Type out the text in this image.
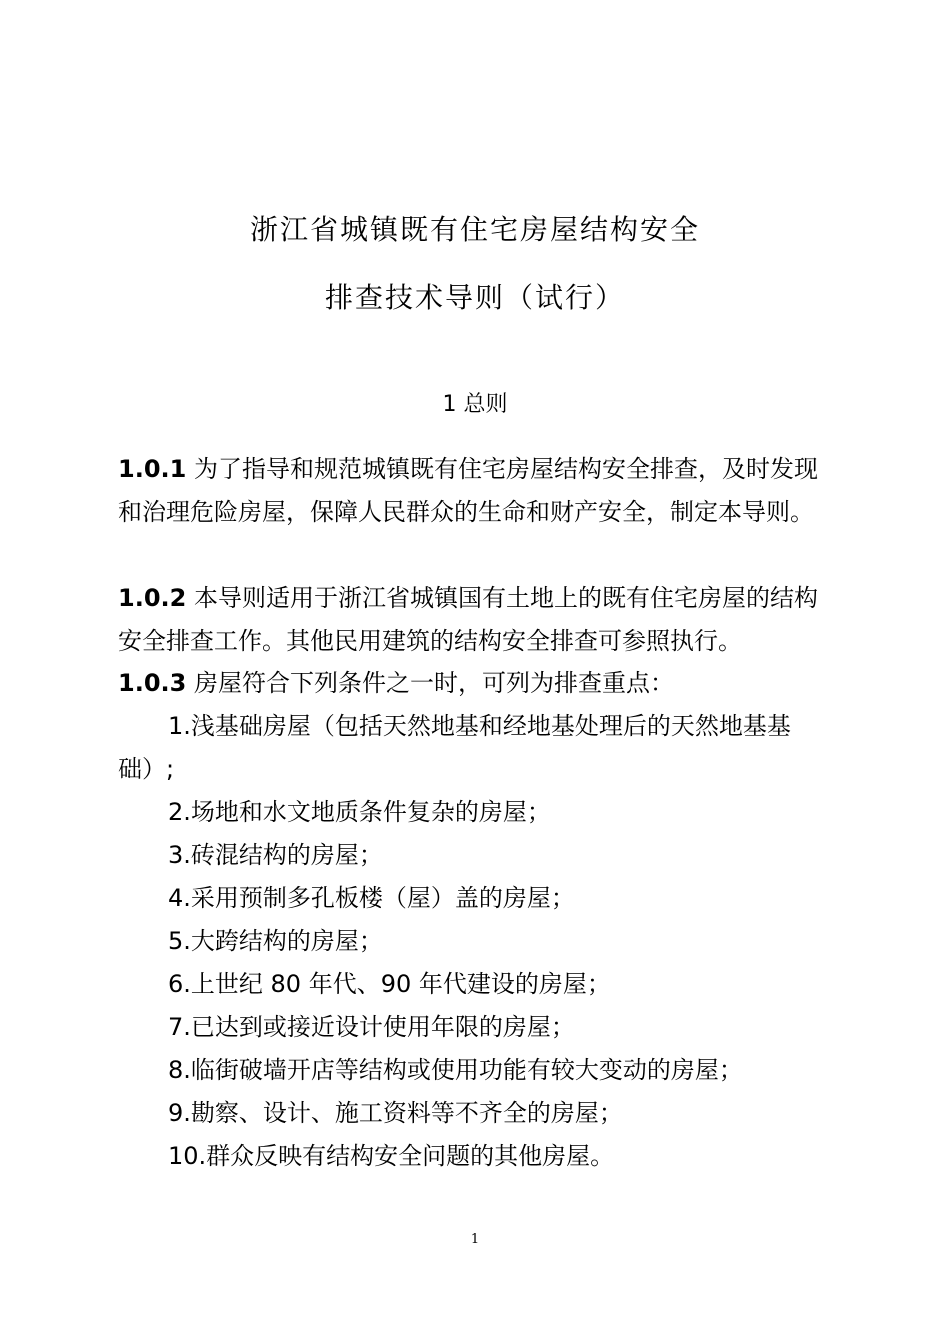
浙江省城镇既有住宅房屋结构安全
排查技术导则（试行）
1 总则

1.0.1 为了指导和规范城镇既有住宅房屋结构安全排查，及时发现和治理危险房屋，保障人民群众的生命和财产安全，制定本导则。

1.0.2 本导则适用于浙江省城镇国有土地上的既有住宅房屋的结构安全排查工作。其他民用建筑的结构安全排查可参照执行。

1.0.3 房屋符合下列条件之一时，可列为排查重点：

1.浅基础房屋（包括天然地基和经地基处理后的天然地基基础）;
2.场地和水文地质条件复杂的房屋；
3.砖混结构的房屋；
4.采用预制多孔板楼（屋）盖的房屋；
5.大跨结构的房屋；
6.上世纪 80 年代、90 年代建设的房屋；
7.已达到或接近设计使用年限的房屋；
8.临街破墙开店等结构或使用功能有较大变动的房屋；
9.勘察、设计、施工资料等不齐全的房屋；
10.群众反映有结构安全问题的其他房屋。
1
